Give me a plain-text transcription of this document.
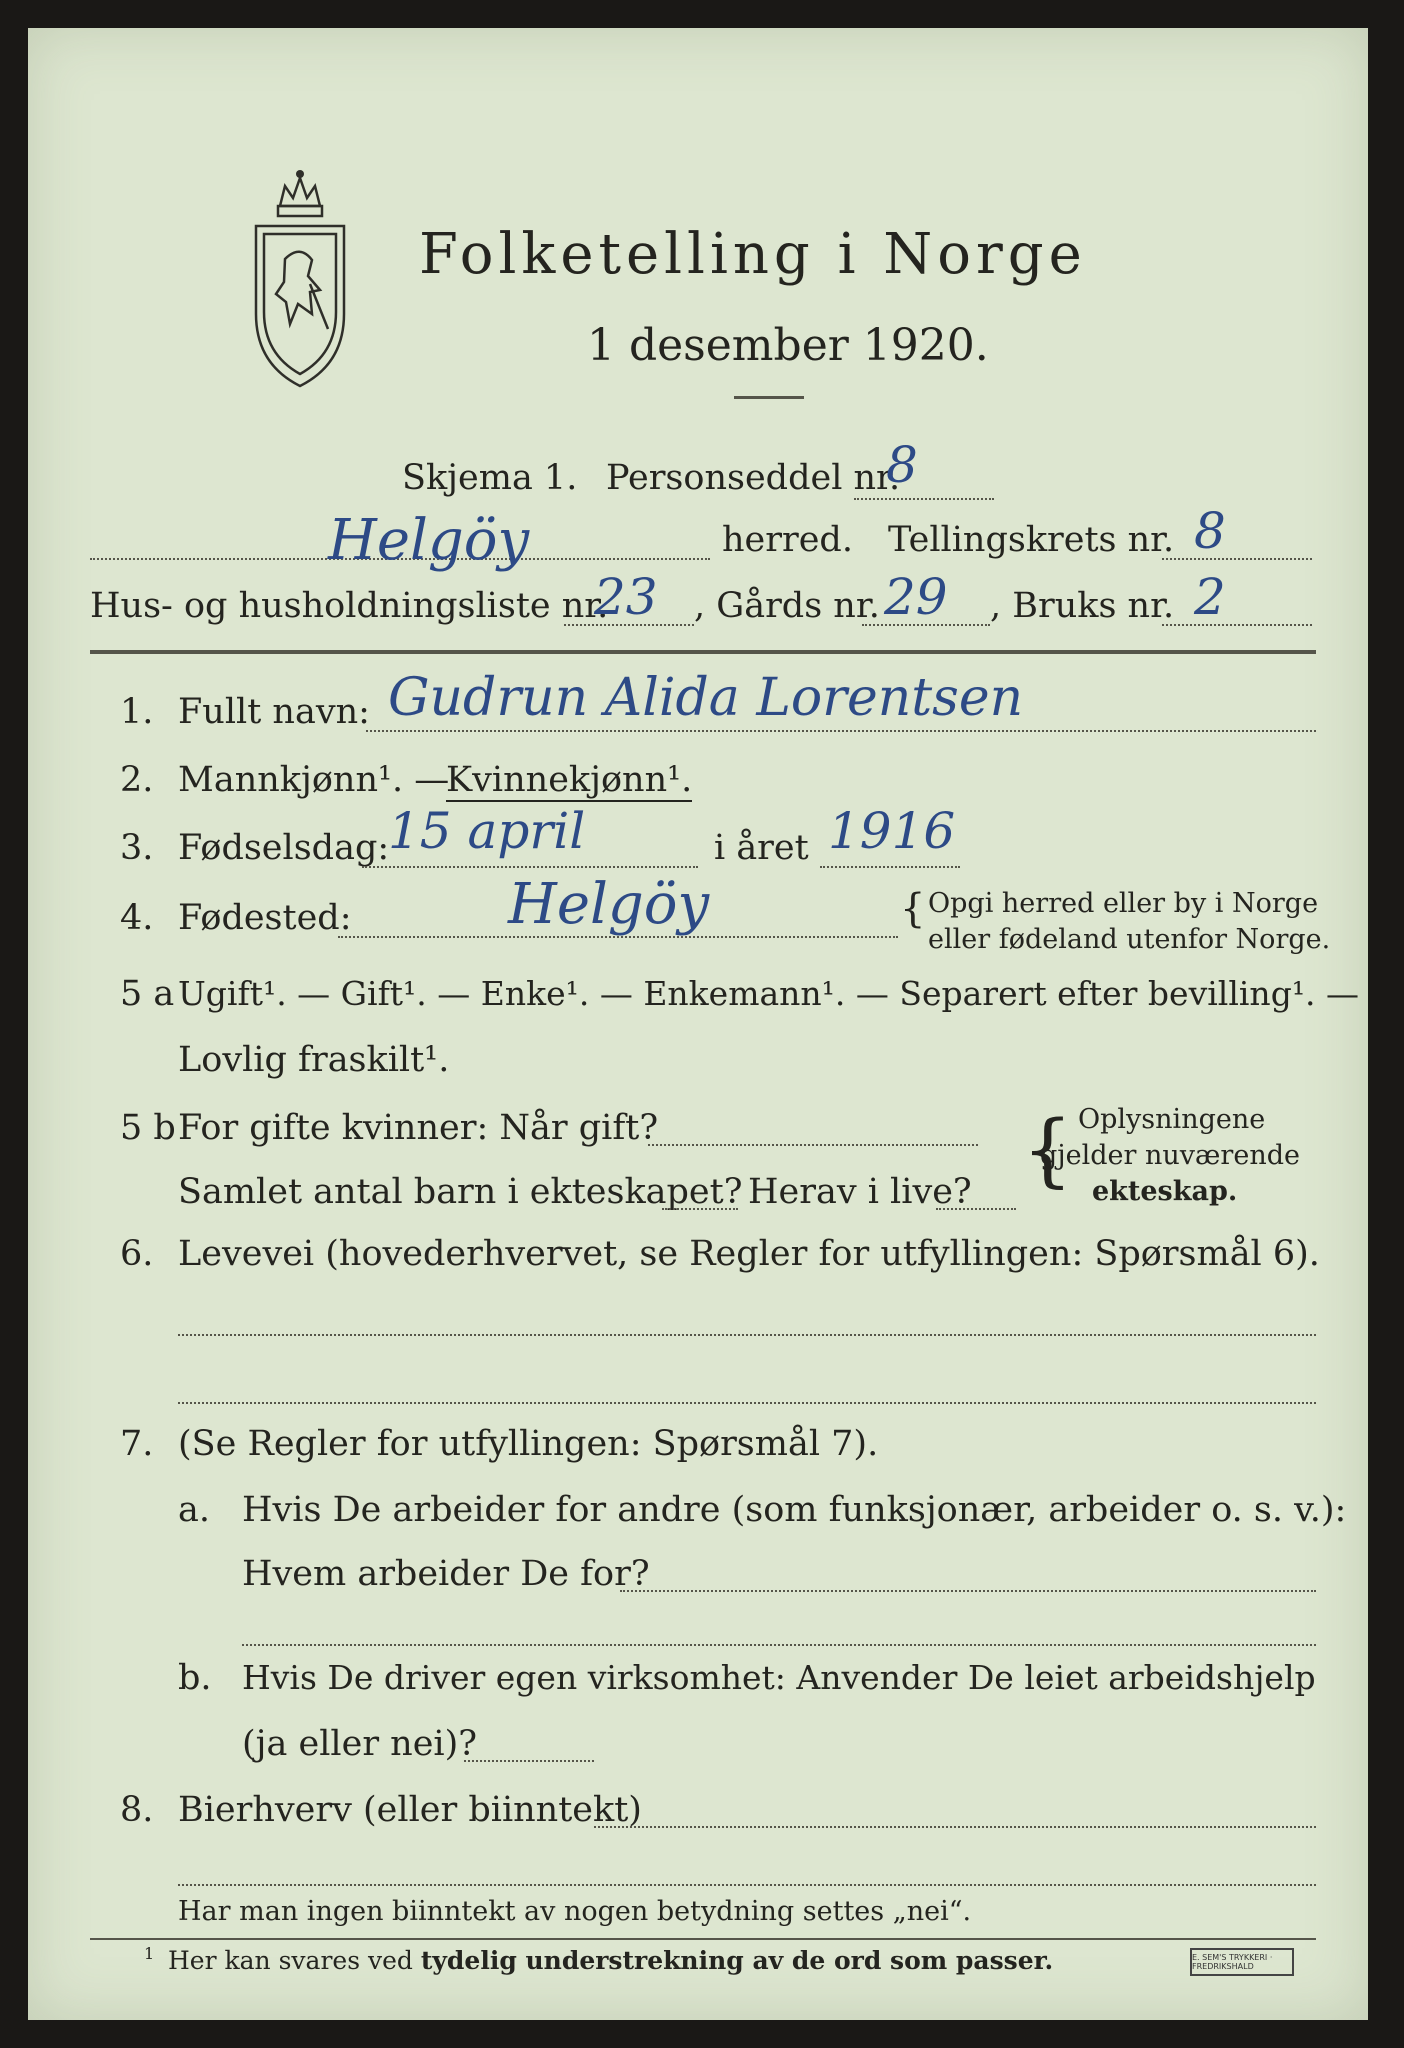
Folketelling i Norge
1 desember 1920.
Skjema 1. Personseddel nr.
8
Helgöy	herred. Tellingskrets nr. 8
Hus- og husholdningsliste nr.
23 , Gårds nr. 29 , Bruks nr. 2
1. Fullt navn: Gudrun Alida Lorentsen
2. Mannkjønn¹. —
Kvinnekjønn¹.
3. Fødselsdag:
15 april	i året 1916
4. Fødested:	Helgöy	{ Opgi herred eller by i Norge
eller fødeland utenfor Norge.
5 a Ugift¹. — Gift¹. — Enke¹. — Enkemann¹. — Separert efter bevilling¹. —
Lovlig fraskilt¹.
5 b For gifte kvinner: Når gift?
Samlet antal barn i ekteskapet? Herav i live? { Oplysningene
gjelder nuværende
ekteskap.
6. Levevei (hovederhvervet, se Regler for utfyllingen: Spørsmål 6).
7. (Se Regler for utfyllingen: Spørsmål 7).
a. Hvis De arbeider for andre (som funksjonær, arbeider o. s. v.):
Hvem arbeider De for?
b. Hvis De driver egen virksomhet: Anvender De leiet arbeidshjelp
(ja eller nei)?
8. Bierhverv (eller biinntekt)
Har man ingen biinntekt av nogen betydning settes „nei“.
1 Her kan svares ved tydelig understrekning av de ord som passer.	E. SEM'S TRYKKERI · FREDRIKSHALD
